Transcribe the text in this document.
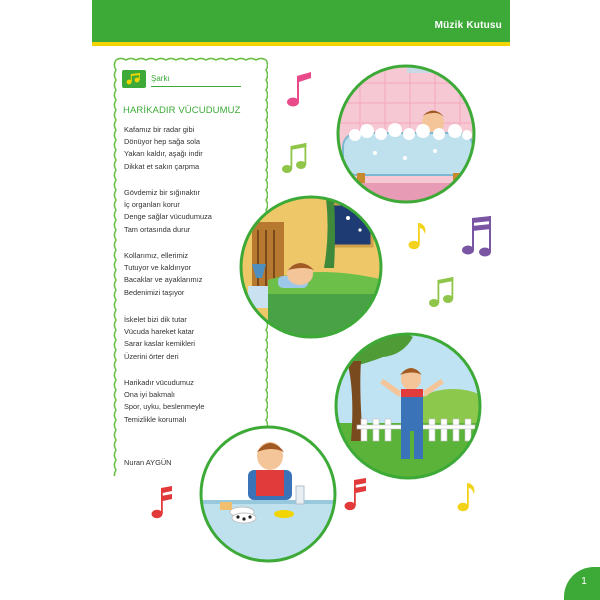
Müzik Kutusu
Şarkı
HARİKADIR VÜCUDUMUZ
Kafamız bir radar gibi
Dönüyor hep sağa sola
Yakarı kaldır, aşağı indir
Dikkat et sakın çarpma
Gövdemiz bir sığınaktır
İç organları korur
Denge sağlar vücudumuza
Tam ortasında durur
Kollarımız, ellerimiz
Tutuyor ve kaldırıyor
Bacaklar ve ayaklarımız
Bedenimizi taşıyor
İskelet bizi dik tutar
Vücuda hareket katar
Sarar kaslar kemikleri
Üzerini örter deri
Harikadır vücudumuz
Ona iyi bakmalı
Spor, uyku, beslenmeyle
Temizlikle korumalı
Nuran AYGÜN
1
